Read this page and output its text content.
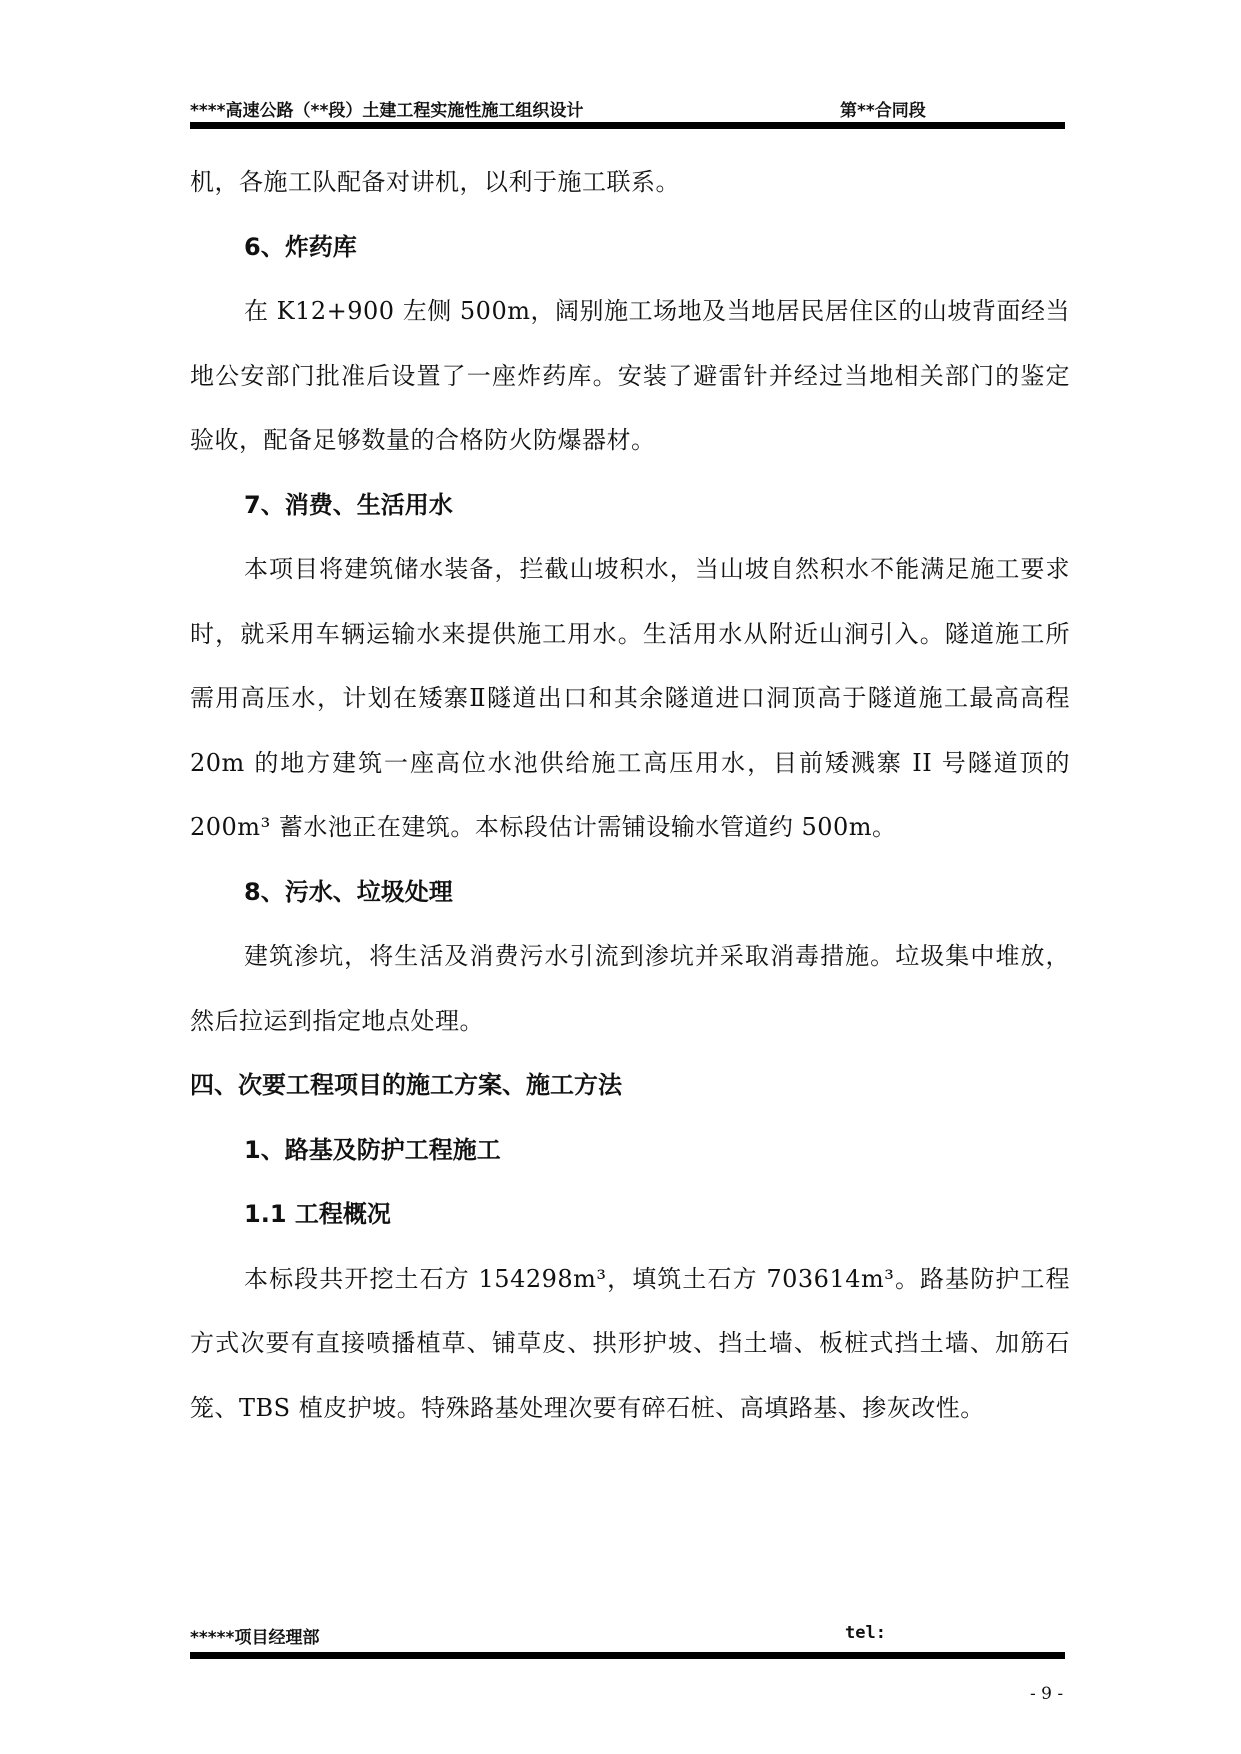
****高速公路（**段）土建工程实施性施工组织设计	第**合同段

机，各施工队配备对讲机，以利于施工联系。

6、炸药库

在 K12+900 左侧 500m，阔别施工场地及当地居民居住区的山坡背面经当地公安部门批准后设置了一座炸药库。安装了避雷针并经过当地相关部门的鉴定验收，配备足够数量的合格防火防爆器材。

7、消费、生活用水

本项目将建筑储水装备，拦截山坡积水，当山坡自然积水不能满足施工要求时，就采用车辆运输水来提供施工用水。生活用水从附近山涧引入。隧道施工所需用高压水，计划在矮寨Ⅱ隧道出口和其余隧道进口洞顶高于隧道施工最高高程 20m 的地方建筑一座高位水池供给施工高压用水，目前矮溅寨 II 号隧道顶的 200m³ 蓄水池正在建筑。本标段估计需铺设输水管道约 500m。

8、污水、垃圾处理

建筑渗坑，将生活及消费污水引流到渗坑并采取消毒措施。垃圾集中堆放，然后拉运到指定地点处理。

四、次要工程项目的施工方案、施工方法

1、路基及防护工程施工

1.1 工程概况

本标段共开挖土石方 154298m³，填筑土石方 703614m³。路基防护工程方式次要有直接喷播植草、铺草皮、拱形护坡、挡土墙、板桩式挡土墙、加筋石笼、TBS 植皮护坡。特殊路基处理次要有碎石桩、高填路基、掺灰改性。

*****项目经理部	tel:
- 9 -
